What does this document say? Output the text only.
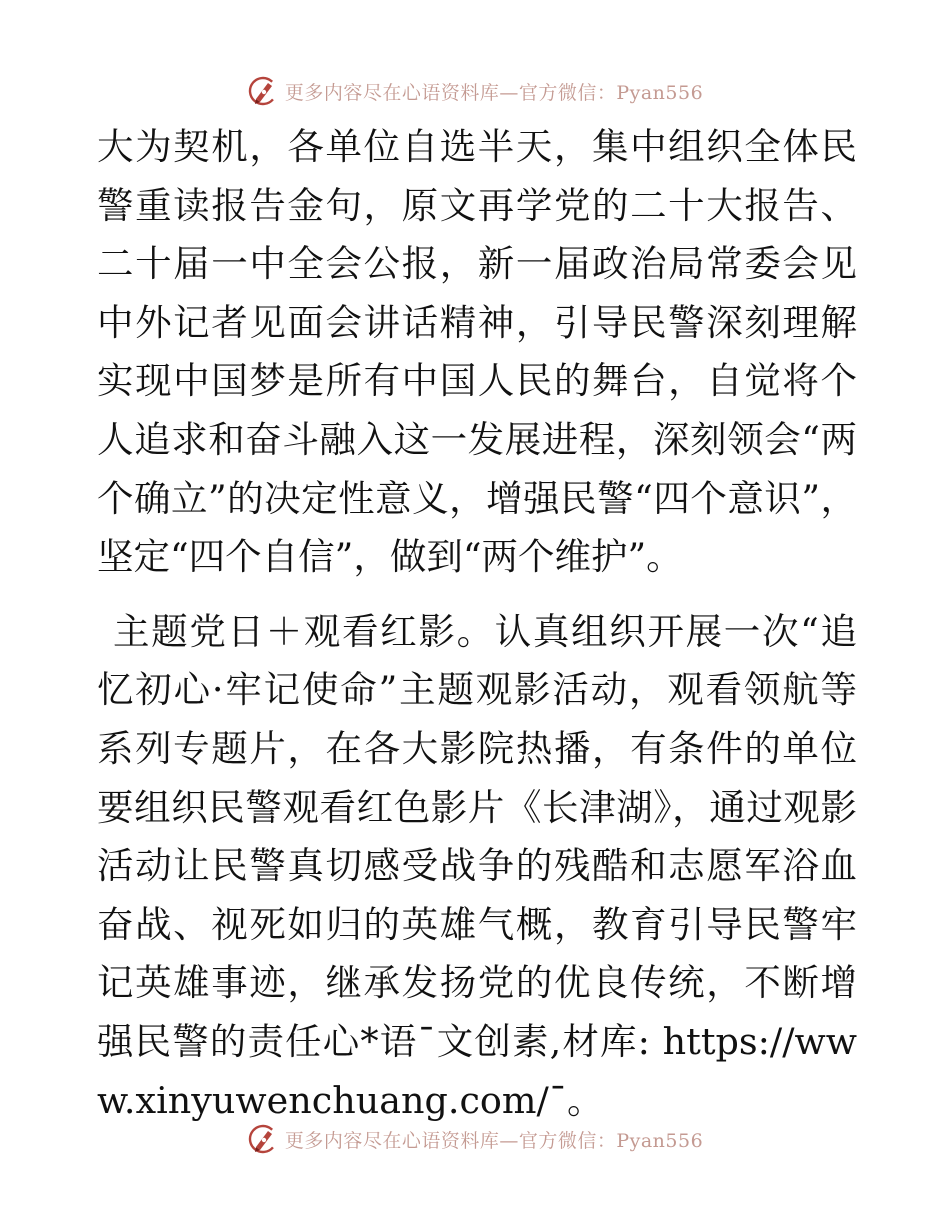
更多内容尽在心语资料库—官方微信：Pyan556

大为契机，各单位自选半天，集中组织全体民警重读报告金句，原文再学党的二十大报告、二十届一中全会公报，新一届政治局常委会见中外记者见面会讲话精神，引导民警深刻理解实现中国梦是所有中国人民的舞台，自觉将个人追求和奋斗融入这一发展进程，深刻领会“两个确立”的决定性意义，增强民警“四个意识”，坚定“四个自信”，做到“两个维护”。

主题党日＋观看红影。认真组织开展一次“追忆初心·牢记使命”主题观影活动，观看领航等系列专题片，在各大影院热播，有条件的单位要组织民警观看红色影片《长津湖》，通过观影活动让民警真切感受战争的残酷和志愿军浴血奋战、视死如归的英雄气概，教育引导民警牢记英雄事迹，继承发扬党的优良传统，不断增强民警的责任心*语¯文创素,材库: https://www.xinyuwenchuang.com/¯。

更多内容尽在心语资料库—官方微信：Pyan556
